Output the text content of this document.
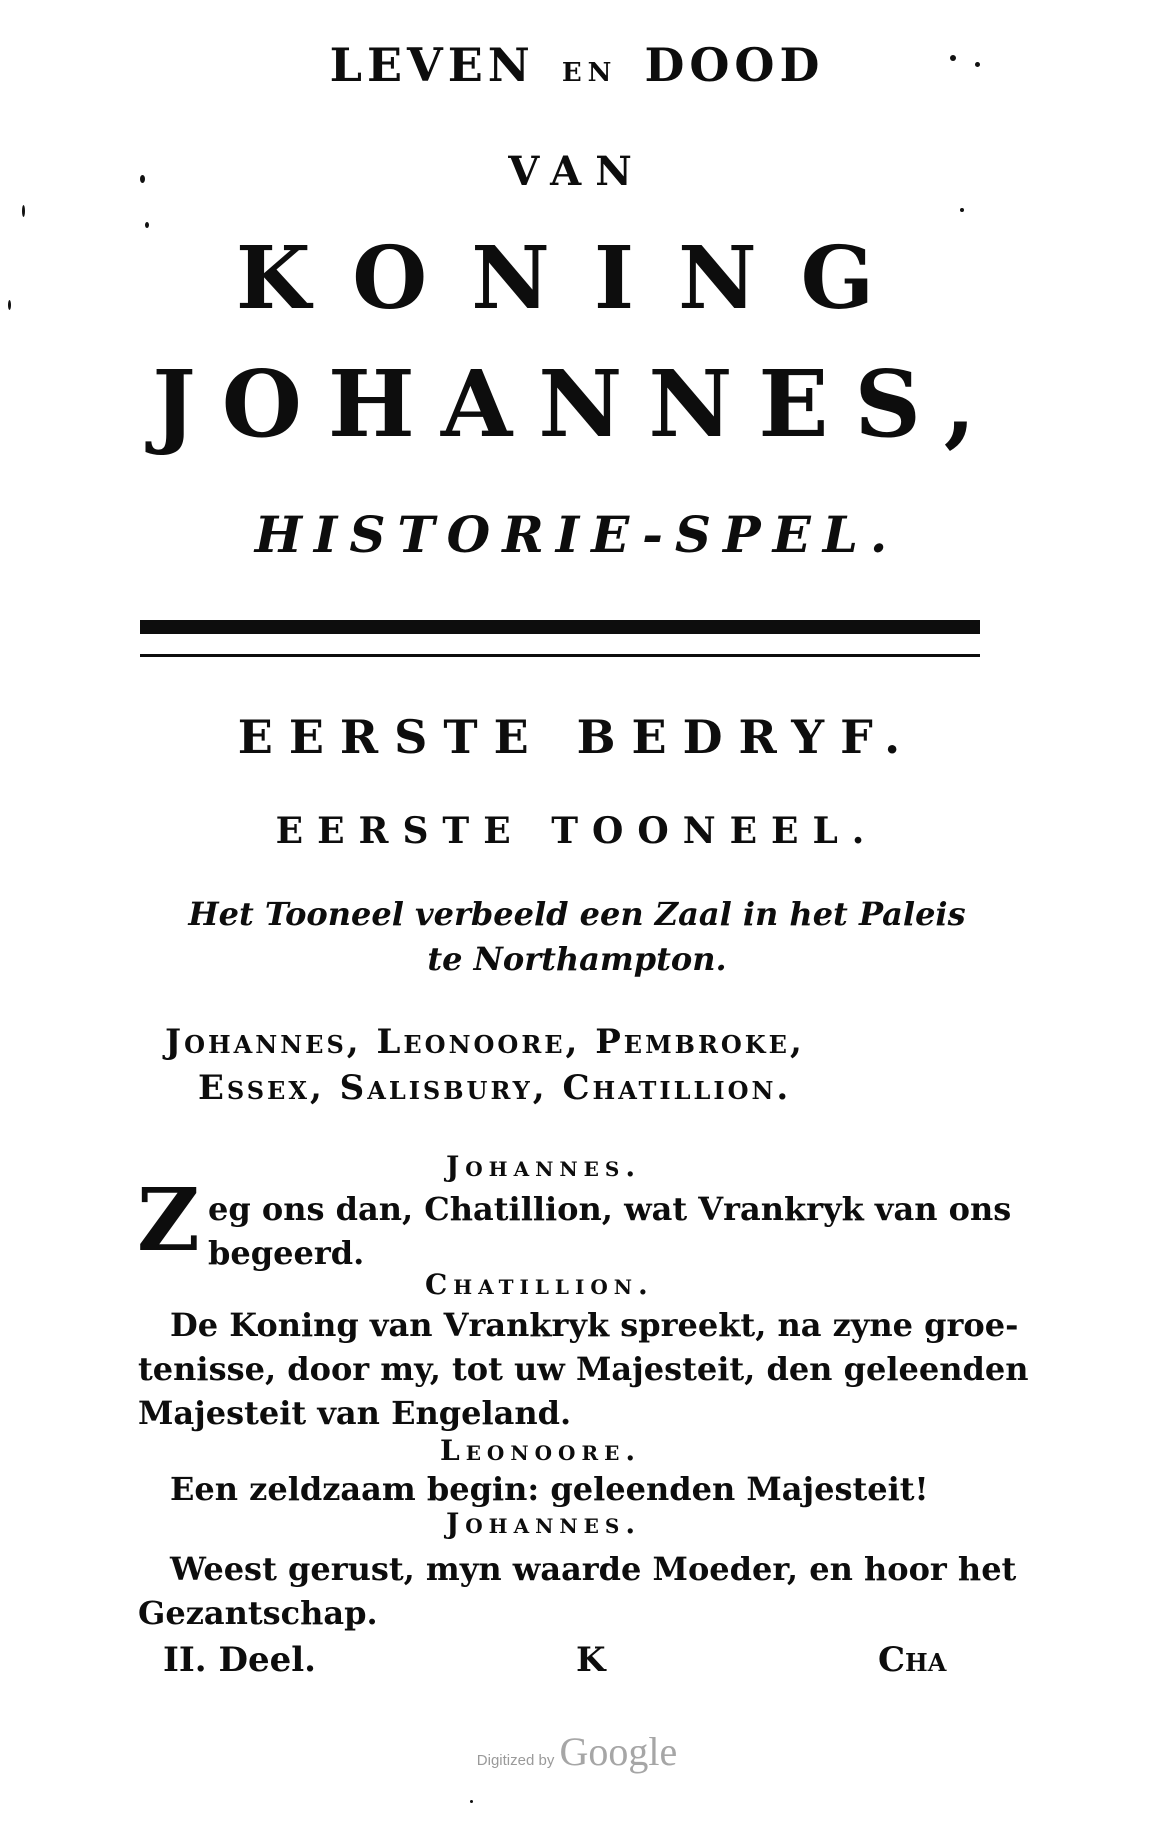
LEVEN EN DOOD
VAN
KONING
JOHANNES,
HISTORIE-SPEL.
EERSTE BEDRYF.
EERSTE TOONEEL.
Het Tooneel verbeeld een Zaal in het Paleis
te Northampton.
Johannes, Leonoore, Pembroke,
Essex, Salisbury, Chatillion.
Johannes.
Z eg ons dan, Chatillion, wat Vrankryk van ons
begeerd.
Chatillion.
De Koning van Vrankryk spreekt, na zyne groe-
tenisse, door my, tot uw Majesteit, den geleenden
Majesteit van Engeland.
Leonoore.
Een zeldzaam begin: geleenden Majesteit!
Johannes.
Weest gerust, myn waarde Moeder, en hoor het
Gezantschap.
II. Deel.	K	Cha
Digitized by Google
